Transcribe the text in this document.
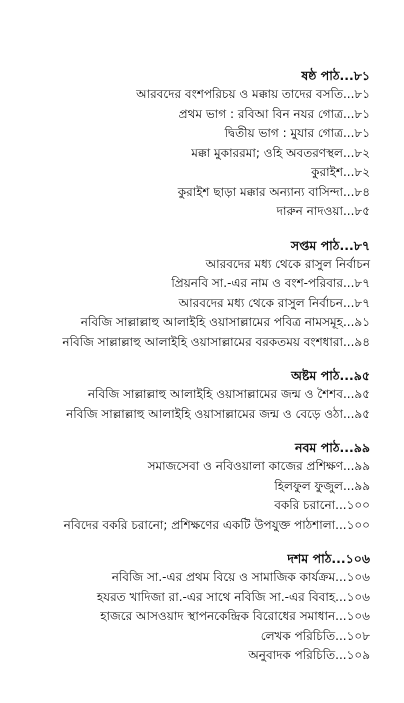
ষষ্ঠ পাঠ...৮১
আরবদের বংশপরিচয় ও মক্কায় তাদের বসতি...৮১
প্রথম ভাগ : রবিআ বিন নযর গোত্র...৮১
দ্বিতীয় ভাগ : মুযার গোত্র...৮১
মক্কা মুকাররমা; ওহি অবতরণস্থল...৮২
কুরাইশ...৮২
কুরাইশ ছাড়া মক্কার অন্যান্য বাসিন্দা...৮৪
দারুন নাদওয়া...৮৫
সপ্তম পাঠ...৮৭
আরবদের মধ্য থেকে রাসুল নির্বাচন
প্রিয়নবি সা.-এর নাম ও বংশ-পরিবার...৮৭
আরবদের মধ্য থেকে রাসুল নির্বাচন...৮৭
নবিজি সাল্লাল্লাহু আলাইহি ওয়াসাল্লামের পবিত্র নামসমূহ...৯১
নবিজি সাল্লাল্লাহু আলাইহি ওয়াসাল্লামের বরকতময় বংশধারা...৯৪
অষ্টম পাঠ...৯৫
নবিজি সাল্লাল্লাহু আলাইহি ওয়াসাল্লামের জন্ম ও শৈশব...৯৫
নবিজি সাল্লাল্লাহু আলাইহি ওয়াসাল্লামের জন্ম ও বেড়ে ওঠা...৯৫
নবম পাঠ...৯৯
সমাজসেবা ও নবিওয়ালা কাজের প্রশিক্ষণ...৯৯
হিলফুল ফুজুল...৯৯
বকরি চরানো...১০০
নবিদের বকরি চরানো; প্রশিক্ষণের একটি উপযুক্ত পাঠশালা...১০০
দশম পাঠ...১০৬
নবিজি সা.-এর প্রথম বিয়ে ও সামাজিক কার্যক্রম...১০৬
হযরত খাদিজা রা.-এর সাথে নবিজি সা.-এর বিবাহ...১০৬
হাজরে আসওয়াদ স্থাপনকেন্দ্রিক বিরোধের সমাধান...১০৬
লেখক পরিচিতি...১০৮
অনুবাদক পরিচিতি...১০৯
